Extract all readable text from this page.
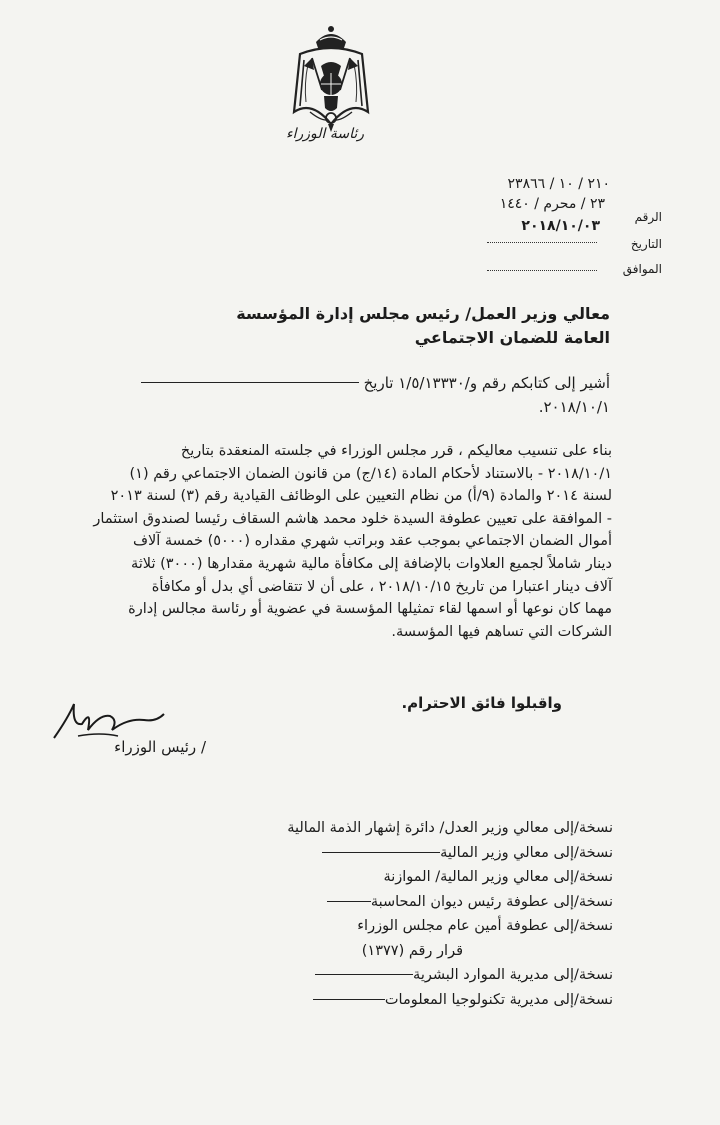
رئاسة الوزراء
٢١٠ / ١٠ / ٢٣٨٦٦
٢٣ / محرم / ١٤٤٠
٢٠١٨/١٠/٠٣
الرقم
التاريخ
الموافق
معالي وزير العمل/ رئيس مجلس إدارة المؤسسة
العامة للضمان الاجتماعي
أشير إلى كتابكم رقم و/١/٥/١٣٣٣٠ تاريخ
٢٠١٨/١٠/١.
بناء على تنسيب معاليكم ، قرر مجلس الوزراء في جلسته المنعقدة بتاريخ
٢٠١٨/١٠/١ - بالاستناد لأحكام المادة (١٤/ج) من قانون الضمان الاجتماعي رقم (١)
لسنة ٢٠١٤ والمادة (٩/أ) من نظام التعيين على الوظائف القيادية رقم (٣) لسنة ٢٠١٣
- الموافقة على تعيين عطوفة السيدة خلود محمد هاشم السقاف رئيسا لصندوق استثمار
أموال الضمان الاجتماعي بموجب عقد وبراتب شهري مقداره (٥٠٠٠) خمسة آلاف
دينار شاملاً لجميع العلاوات بالإضافة إلى مكافأة مالية شهرية مقدارها (٣٠٠٠) ثلاثة
آلاف دينار اعتبارا من تاريخ ٢٠١٨/١٠/١٥ ، على أن لا تتقاضى أي بدل أو مكافأة
مهما كان نوعها أو اسمها لقاء تمثيلها المؤسسة في عضوية أو رئاسة مجالس إدارة
الشركات التي تساهم فيها المؤسسة.
واقبلوا فائق الاحترام.
/ رئيس الوزراء
نسخة/إلى معالي وزير العدل/ دائرة إشهار الذمة المالية
نسخة/إلى معالي وزير المالية
نسخة/إلى معالي وزير المالية/ الموازنة
نسخة/إلى عطوفة رئيس ديوان المحاسبة
نسخة/إلى عطوفة أمين عام مجلس الوزراء
قرار رقم (١٣٧٧)
نسخة/إلى مديرية الموارد البشرية
نسخة/إلى مديرية تكنولوجيا المعلومات
